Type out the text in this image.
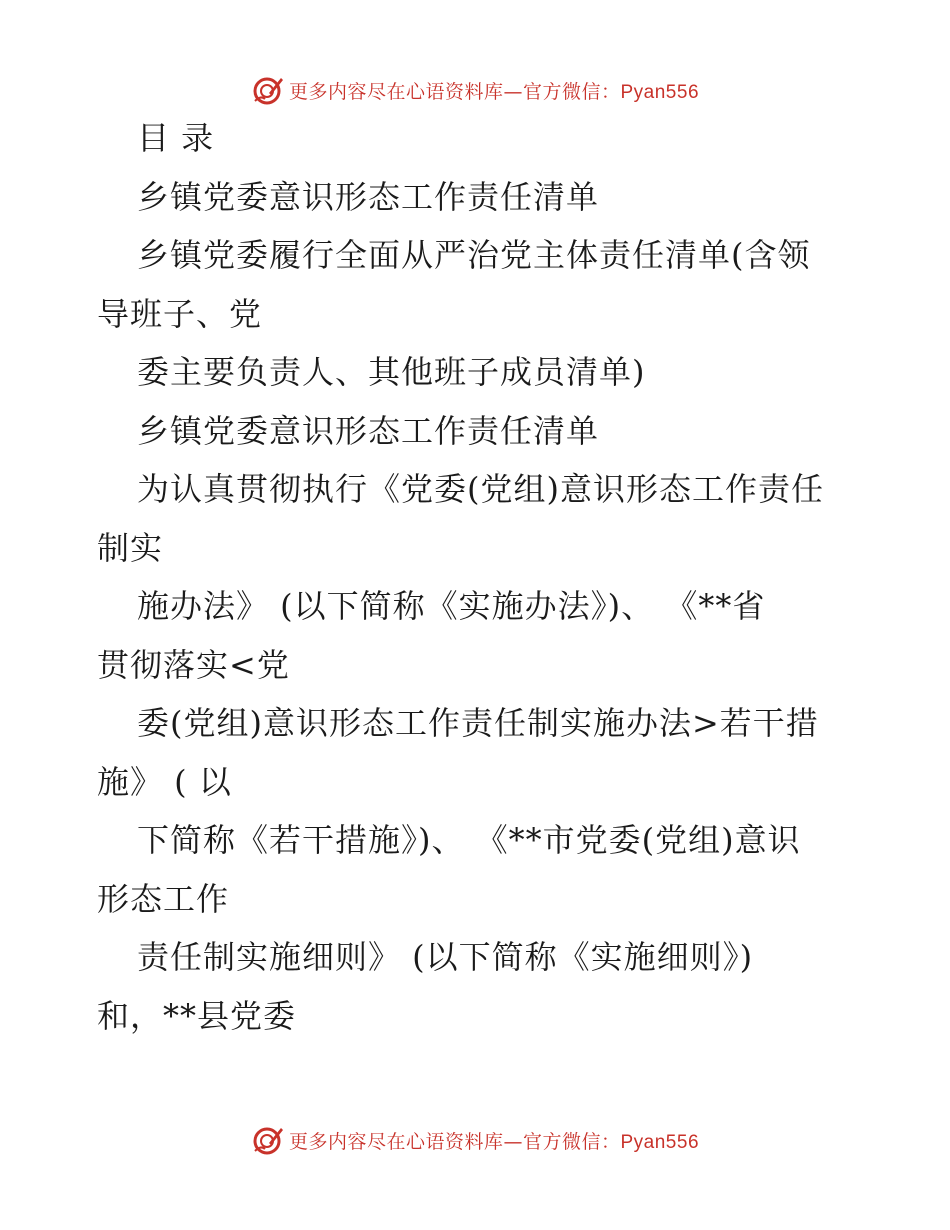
更多内容尽在心语资料库—官方微信：Pyan556
目 录
乡镇党委意识形态工作责任清单
乡镇党委履行全面从严治党主体责任清单(含领
导班子、党
委主要负责人、其他班子成员清单)
乡镇党委意识形态工作责任清单
为认真贯彻执行《党委(党组)意识形态工作责任
制实
施办法》 (以下简称《实施办法》)、 《**省
贯彻落实<党
委(党组)意识形态工作责任制实施办法>若干措
施》 ( 以
下简称《若干措施》)、 《**市党委(党组)意识
形态工作
责任制实施细则》 (以下简称《实施细则》)
和，**县党委
更多内容尽在心语资料库—官方微信：Pyan556
